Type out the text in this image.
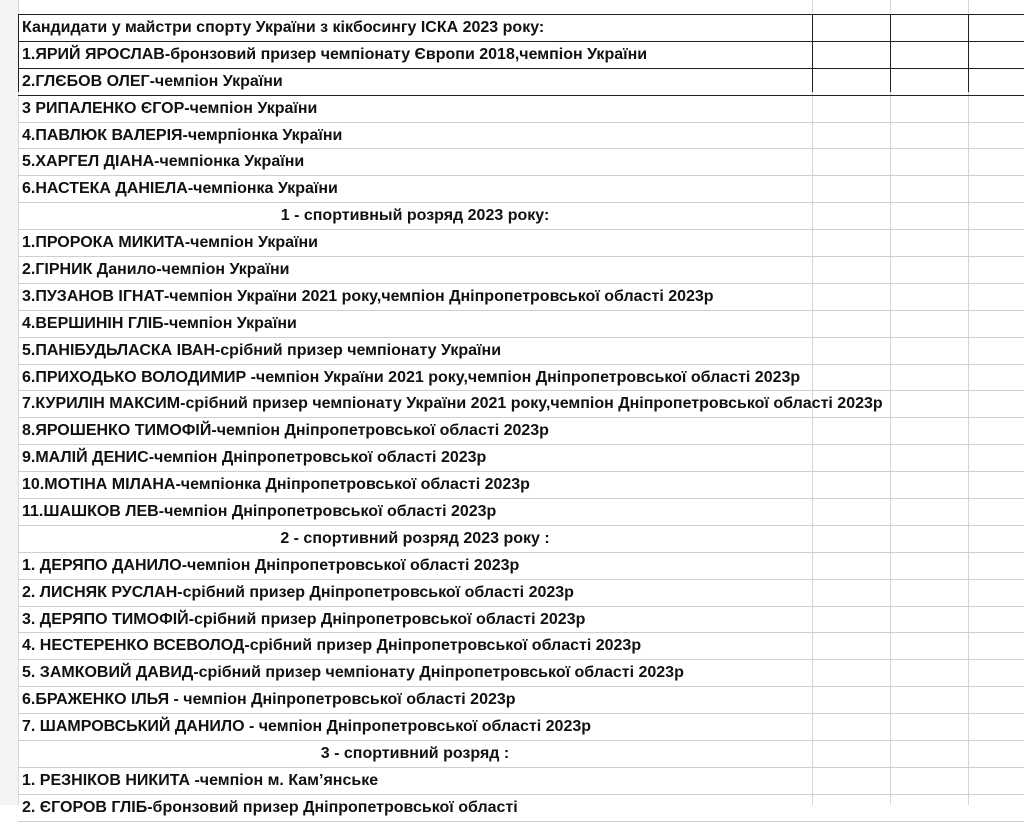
Кандидати у майстри спорту України з кікбосингу ІСКА 2023 року:
1.ЯРИЙ ЯРОСЛАВ-бронзовий призер чемпіонату Європи 2018,чемпіон України
2.ГЛЄБОВ ОЛЕГ-чемпіон України
3 РИПАЛЕНКО ЄГОР-чемпіон України
4.ПАВЛЮК ВАЛЕРІЯ-чемрпіонка України
5.ХАРГЕЛ ДІАНА-чемпіонка України
6.НАСТЕКА ДАНІЕЛА-чемпіонка України
1 - спортивный розряд 2023 року:
1.ПРОРОКА МИКИТА-чемпіон України
2.ГІРНИК Данило-чемпіон України
3.ПУЗАНОВ ІГНАТ-чемпіон України 2021 року,чемпіон Дніпропетровської області 2023р
4.ВЕРШИНІН ГЛІБ-чемпіон України
5.ПАНІБУДЬЛАСКА ІВАН-срібний призер чемпіонату України
6.ПРИХОДЬКО ВОЛОДИМИР -чемпіон України 2021 року,чемпіон Дніпропетровської області 2023р
7.КУРИЛІН МАКСИМ-срібний призер чемпіонату України 2021 року,чемпіон Дніпропетровської області 2023р
8.ЯРОШЕНКО ТИМОФІЙ-чемпіон Дніпропетровської області 2023р
9.МАЛІЙ ДЕНИС-чемпіон Дніпропетровської області 2023р
10.МОТІНА МІЛАНА-чемпіонка Дніпропетровської області 2023р
11.ШАШКОВ ЛЕВ-чемпіон Дніпропетровської області 2023р
2 - спортивний розряд 2023 року :
1. ДЕРЯПО ДАНИЛО-чемпіон Дніпропетровської області 2023р
2. ЛИСНЯК РУСЛАН-срібний призер Дніпропетровської області 2023р
3. ДЕРЯПО ТИМОФІЙ-срібний призер Дніпропетровської області 2023р
4. НЕСТЕРЕНКО ВСЕВОЛОД-срібний призер Дніпропетровської області 2023р
5. ЗАМКОВИЙ ДАВИД-срібний призер чемпіонату Дніпропетровської області 2023р
6.БРАЖЕНКО ІЛЬЯ - чемпіон Дніпропетровської області 2023р
7. ШАМРОВСЬКИЙ ДАНИЛО - чемпіон Дніпропетровської області 2023р
3 - спортивний розряд :
1. РЕЗНІКОВ НИКИТА -чемпіон м. Кам’янське
2. ЄГОРОВ ГЛІБ-бронзовий призер Дніпропетровської області
